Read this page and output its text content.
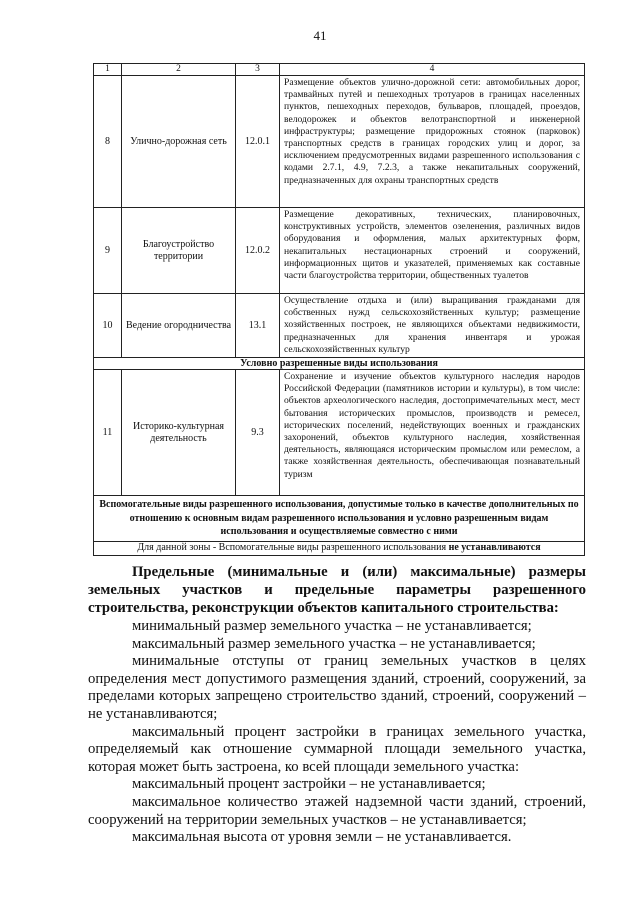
41
1	2	3	4
8	Улично-дорожная сеть	12.0.1	Размещение объектов улично-дорожной сети: автомобильных дорог, трамвайных путей и пешеходных тротуаров в границах населенных пунктов, пешеходных переходов, бульваров, площадей, проездов, велодорожек и объектов велотранспортной и инженерной инфраструктуры; размещение придорожных стоянок (парковок) транспортных средств в границах городских улиц и дорог, за исключением предусмотренных видами разрешенного использования с кодами 2.7.1, 4.9, 7.2.3, а также некапитальных сооружений, предназначенных для охраны транспортных средств
9	Благоустройство территории	12.0.2	Размещение декоративных, технических, планировочных, конструктивных устройств, элементов озеленения, различных видов оборудования и оформления, малых архитектурных форм, некапитальных нестационарных строений и сооружений, информационных щитов и указателей, применяемых как составные части благоустройства территории, общественных туалетов
10	Ведение огородничества	13.1	Осуществление отдыха и (или) выращивания гражданами для собственных нужд сельскохозяйственных культур; размещение хозяйственных построек, не являющихся объектами недвижимости, предназначенных для хранения инвентаря и урожая сельскохозяйственных культур
Условно разрешенные виды использования			
11	Историко-культурная деятельность	9.3	Сохранение и изучение объектов культурного наследия народов Российской Федерации (памятников истории и культуры), в том числе: объектов археологического наследия, достопримечательных мест, мест бытования исторических промыслов, производств и ремесел, исторических поселений, недействующих военных и гражданских захоронений, объектов культурного наследия, хозяйственная деятельность, являющаяся историческим промыслом или ремеслом, а также хозяйственная деятельность, обеспечивающая познавательный туризм
Вспомогательные виды разрешенного использования, допустимые только в качестве дополнительных по отношению к основным видам разрешенного использования и условно разрешенным видам использования и осуществляемые совместно с ними			
Для данной зоны - Вспомогательные виды разрешенного использования не устанавливаются			

Предельные (минимальные и (или) максимальные) размеры земельных участков и предельные параметры разрешенного строительства, реконструкции объектов капитального строительства:

минимальный размер земельного участка – не устанавливается;

максимальный размер земельного участка – не устанавливается;

минимальные отступы от границ земельных участков в целях определения мест допустимого размещения зданий, строений, сооружений, за пределами которых запрещено строительство зданий, строений, сооружений – не устанавливаются;

максимальный процент застройки в границах земельного участка, определяемый как отношение суммарной площади земельного участка, которая может быть застроена, ко всей площади земельного участка:

максимальный процент застройки – не устанавливается;

максимальное количество этажей надземной части зданий, строений, сооружений на территории земельных участков – не устанавливается;

максимальная высота от уровня земли – не устанавливается.
